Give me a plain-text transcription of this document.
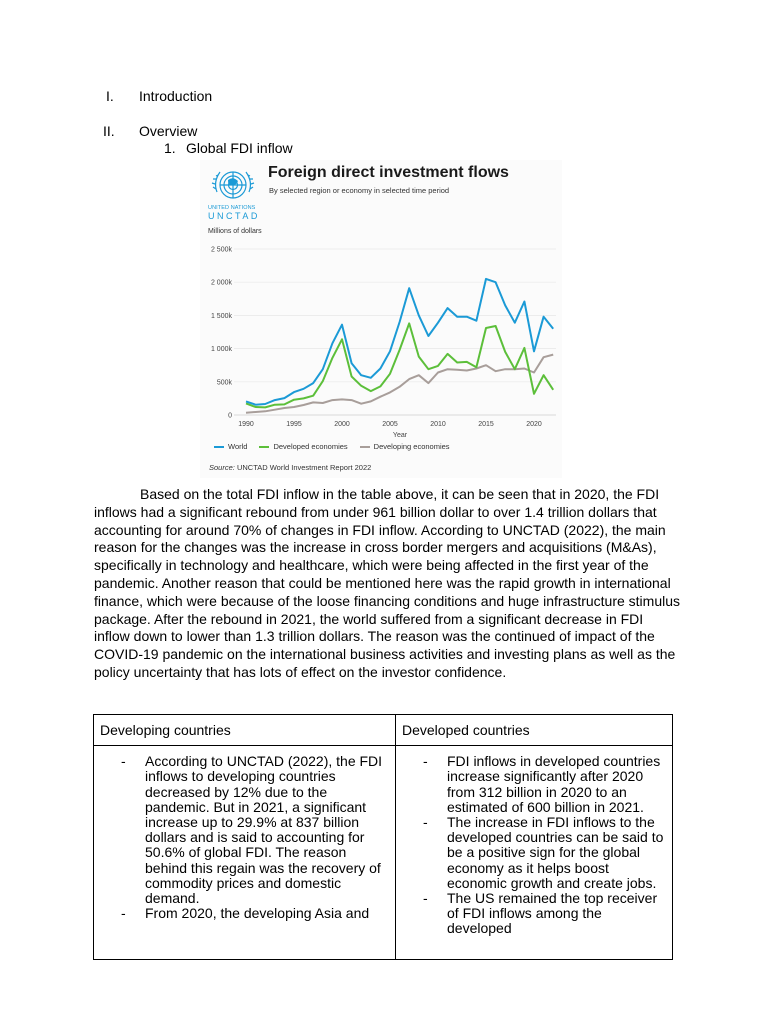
I. Introduction
II. Overview
1. Global FDI inflow
UNITED NATIONS
UNCTAD
Foreign direct investment flows
By selected region or economy in selected time period
Millions of dollars
0
500k
1 000k
1 500k
2 000k
2 500k
1990	1995	2000	2005	2010	2015	2020
Year
World	Developed economies	Developing economies
Source: UNCTAD World Investment Report 2022
Based on the total FDI inflow in the table above, it can be seen that in 2020, the FDI inflows had a significant rebound from under 961 billion dollar to over 1.4 trillion dollars that accounting for around 70% of changes in FDI inflow. According to UNCTAD (2022), the main reason for the changes was the increase in cross border mergers and acquisitions (M&As), specifically in technology and healthcare, which were being affected in the first year of the pandemic. Another reason that could be mentioned here was the rapid growth in international finance, which were because of the loose financing conditions and huge infrastructure stimulus package. After the rebound in 2021, the world suffered from a significant decrease in FDI inflow down to lower than 1.3 trillion dollars. The reason was the continued of impact of the COVID-19 pandemic on the international business activities and investing plans as well as the policy uncertainty that has lots of effect on the investor confidence.
Developing countries	Developed countries

- According to UNCTAD (2022), the FDI inflows to developing countries decreased by 12% due to the pandemic. But in 2021, a significant increase up to 29.9% at 837 billion dollars and is said to accounting for 50.6% of global FDI. The reason behind this regain was the recovery of commodity prices and domestic demand.
- From 2020, the developing Asia and

- FDI inflows in developed countries increase significantly after 2020 from 312 billion in 2020 to an estimated of 600 billion in 2021.
- The increase in FDI inflows to the developed countries can be said to be a positive sign for the global economy as it helps boost economic growth and create jobs.
- The US remained the top receiver of FDI inflows among the developed
